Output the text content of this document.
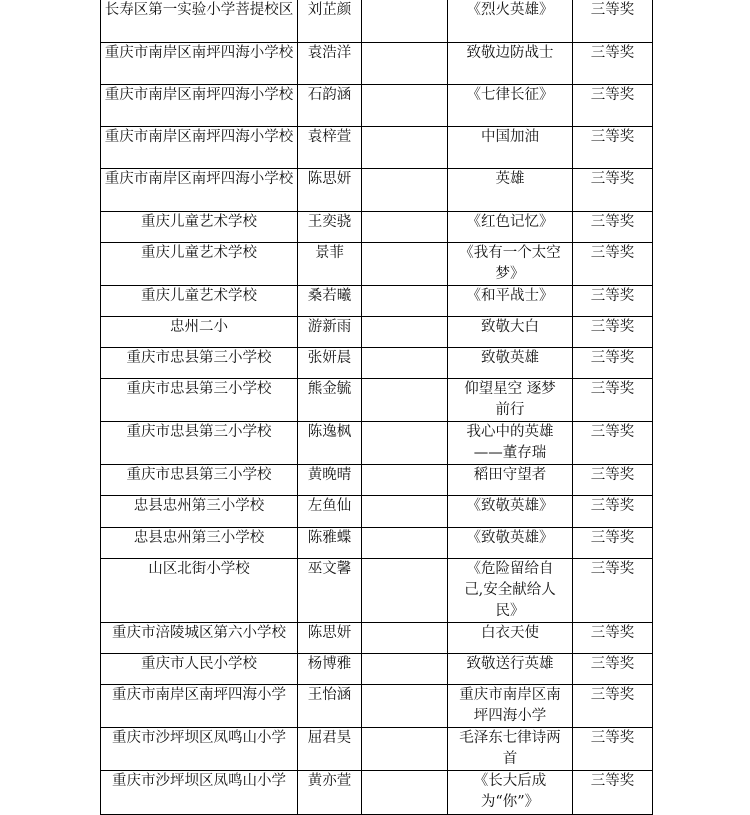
长寿区第一实验小学菩提校区	刘芷颜		《烈火英雄》	三等奖
重庆市南岸区南坪四海小学校	袁浩洋		致敬边防战士	三等奖
重庆市南岸区南坪四海小学校	石韵涵		《七律长征》	三等奖
重庆市南岸区南坪四海小学校	袁梓萱		中国加油	三等奖
重庆市南岸区南坪四海小学校	陈思妍		英雄	三等奖
重庆儿童艺术学校	王奕骁		《红色记忆》	三等奖
重庆儿童艺术学校	景菲		《我有一个太空梦》	三等奖
重庆儿童艺术学校	桑若曦		《和平战士》	三等奖
忠州二小	游新雨		致敬大白	三等奖
重庆市忠县第三小学校	张妍晨		致敬英雄	三等奖
重庆市忠县第三小学校	熊金毓		仰望星空 逐梦前行	三等奖
重庆市忠县第三小学校	陈逸枫		我心中的英雄——董存瑞	三等奖
重庆市忠县第三小学校	黄晚晴		稻田守望者	三等奖
忠县忠州第三小学校	左鱼仙		《致敬英雄》	三等奖
忠县忠州第三小学校	陈雅蝶		《致敬英雄》	三等奖
山区北街小学校	巫文馨		《危险留给自己,安全献给人民》	三等奖
重庆市涪陵城区第六小学校	陈思妍		白衣天使	三等奖
重庆市人民小学校	杨博雅		致敬送行英雄	三等奖
重庆市南岸区南坪四海小学	王怡涵		重庆市南岸区南坪四海小学	三等奖
重庆市沙坪坝区凤鸣山小学	屈君昊		毛泽东七律诗两首	三等奖
重庆市沙坪坝区凤鸣山小学	黄亦萱		《长大后成为“你”》	三等奖
